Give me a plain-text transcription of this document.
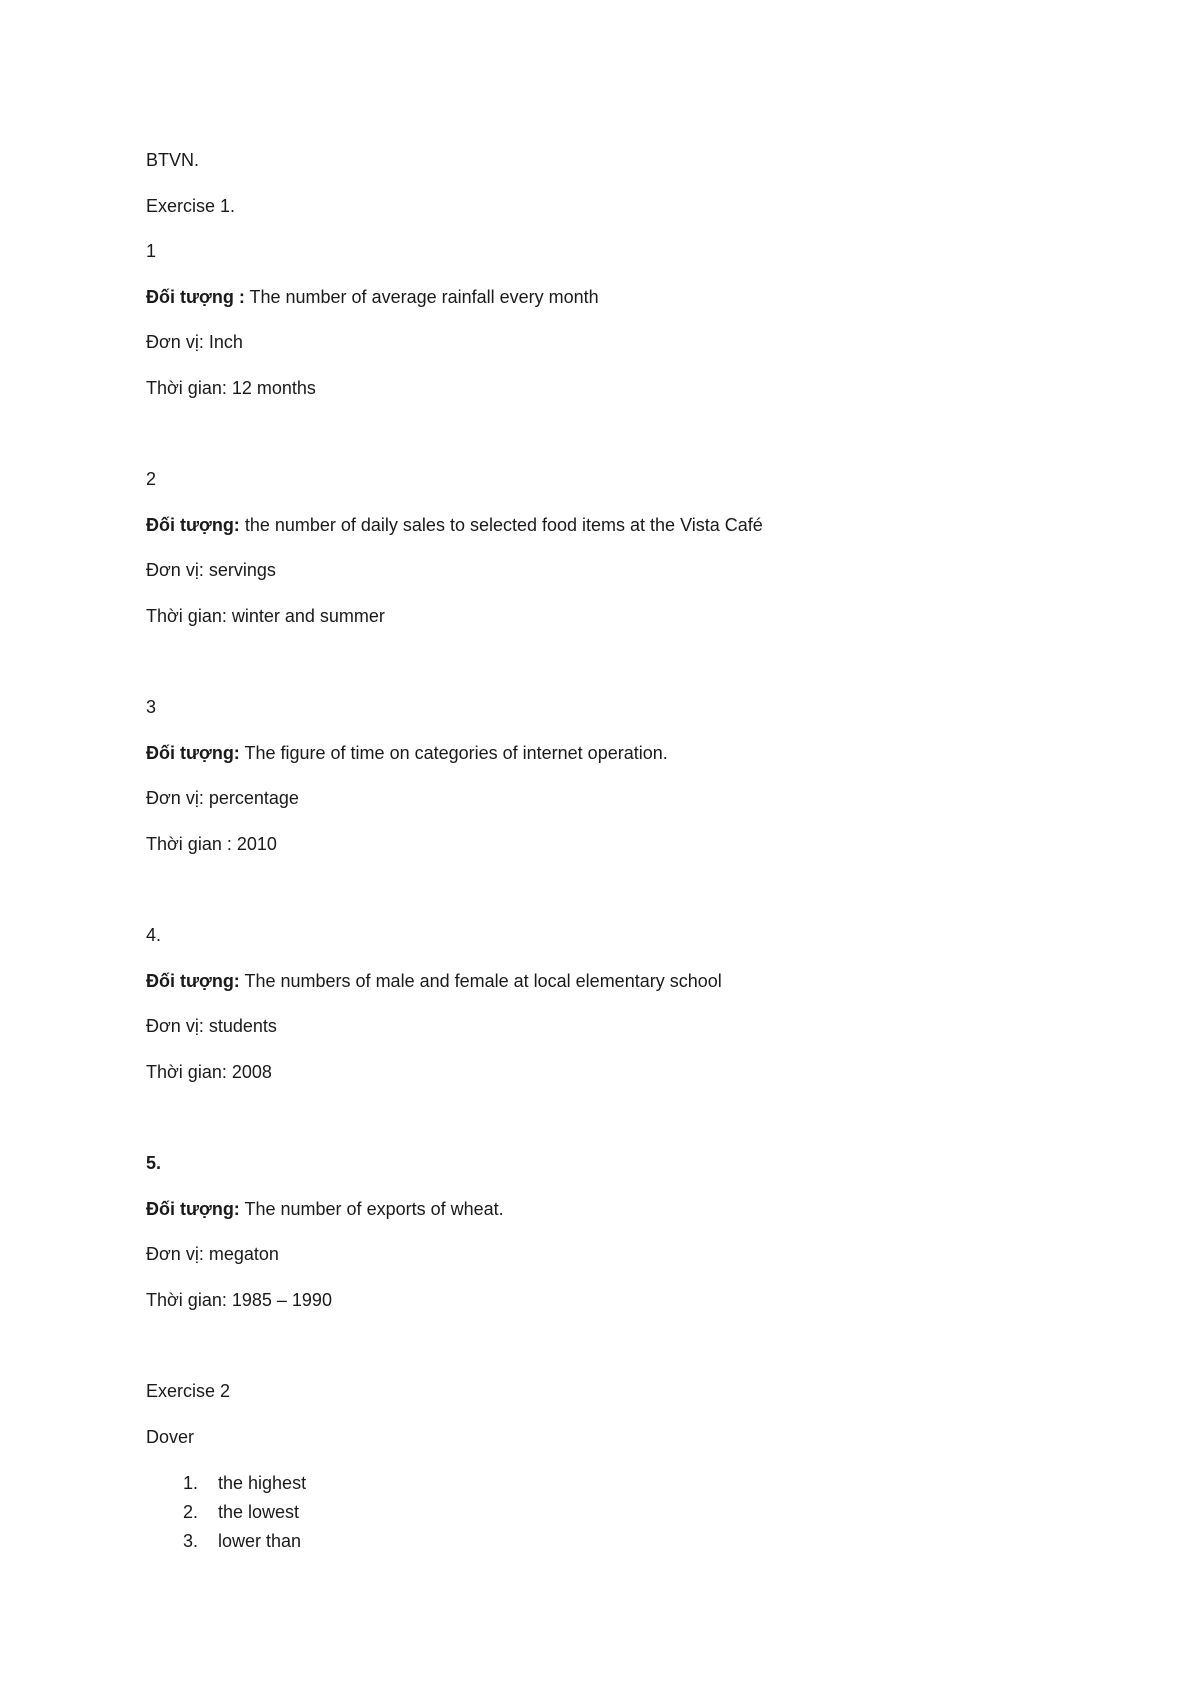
BTVN.
Exercise 1.
1
Đối tượng : The number of average rainfall every month
Đơn vị: Inch
Thời gian: 12 months
2
Đối tượng: the number of daily sales to selected food items at the Vista Café
Đơn vị: servings
Thời gian: winter and summer
3
Đối tượng: The figure of time on categories of internet operation.
Đơn vị: percentage
Thời gian : 2010
4.
Đối tượng: The numbers of male and female at local elementary school
Đơn vị: students
Thời gian: 2008
5.
Đối tượng: The number of exports of wheat.
Đơn vị: megaton
Thời gian: 1985 – 1990
Exercise 2
Dover
1.	the highest
2.	the lowest
3.	lower than
